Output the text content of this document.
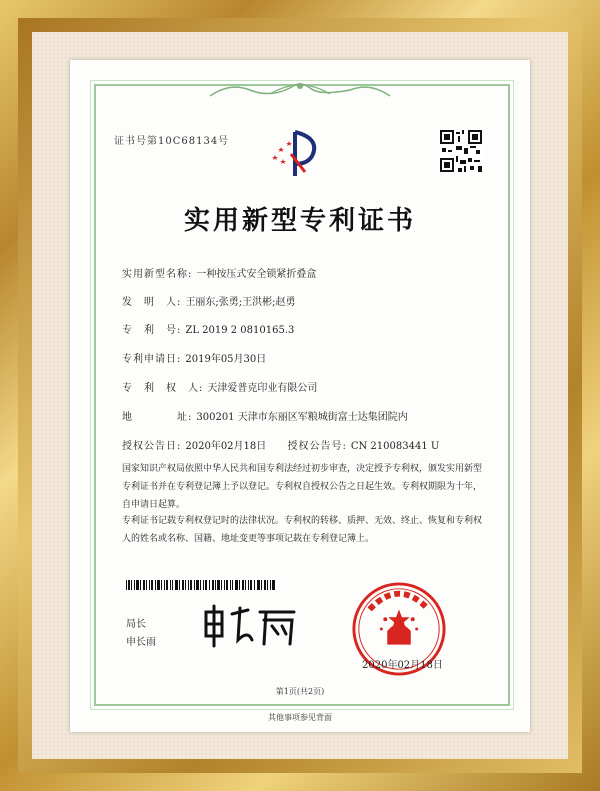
证书号第10C68134号
实用新型专利证书
实用新型名称: 一种按压式安全锁紧折叠盒
发　明　人: 王丽东;张勇;王洪彬;赵勇
专　利　号: ZL 2019 2 0810165.3
专利申请日: 2019年05月30日
专　利　权　人: 天津爱普克印业有限公司
地　　　　址: 300201 天津市东丽区军粮城街富士达集团院内
授权公告日: 2020年02月18日 授权公告号: CN 210083441 U
国家知识产权局依照中华人民共和国专利法经过初步审查，决定授予专利权，颁发实用新型专利证书并在专利登记簿上予以登记。专利权自授权公告之日起生效。专利权期限为十年，自申请日起算。
专利证书记载专利权登记时的法律状况。专利权的转移、质押、无效、终止、恢复和专利权人的姓名或名称、国籍、地址变更等事项记载在专利登记簿上。
局长
申长雨
2020年02月18日
第1页(共2页)
其他事项参见背面
